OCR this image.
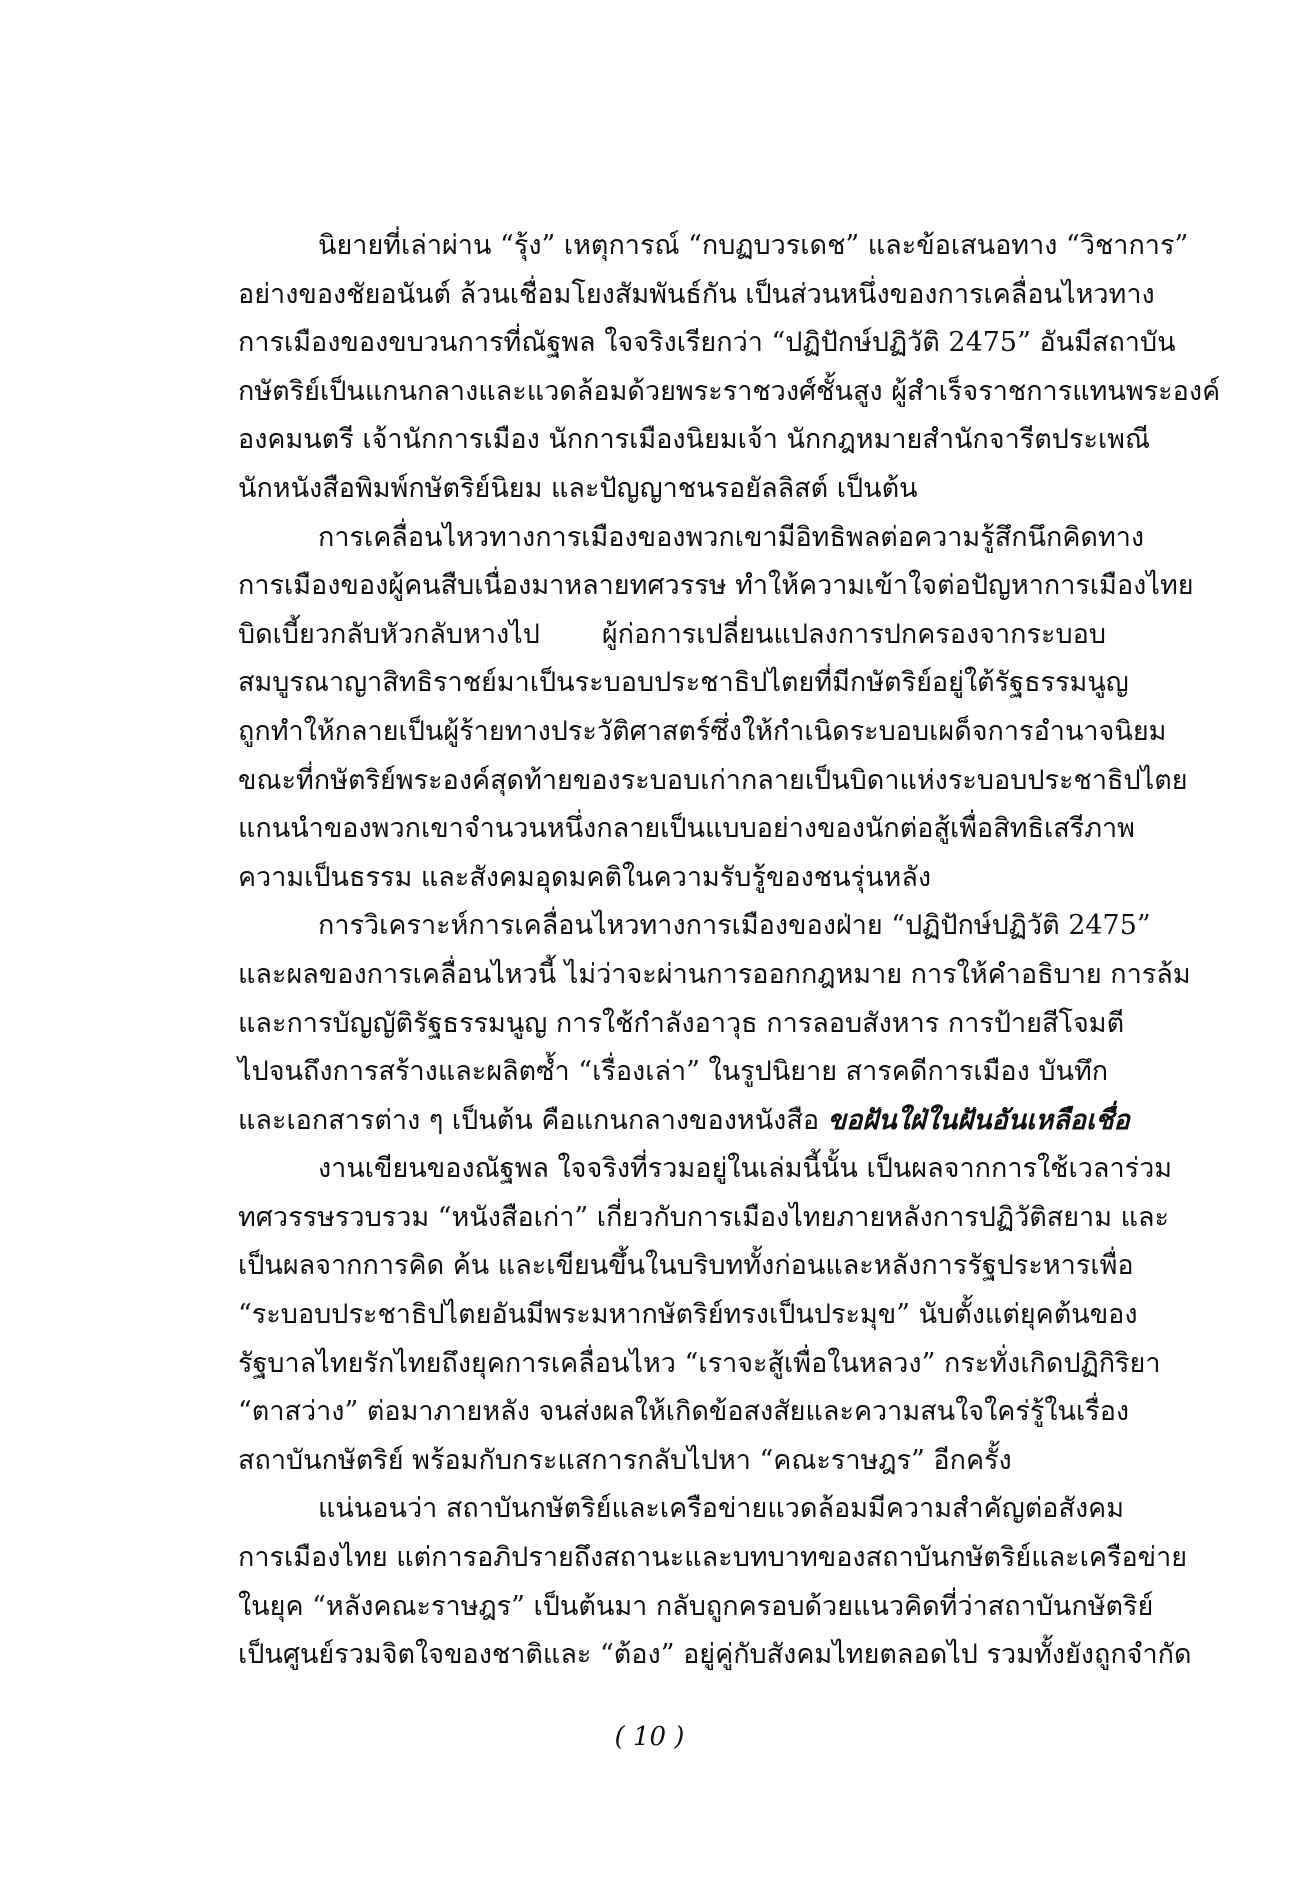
นิยายที่เล่าผ่าน “รุ้ง” เหตุการณ์ “กบฏบวรเดช” และข้อเสนอทาง “วิชาการ”
อย่างของชัยอนันต์ ล้วนเชื่อมโยงสัมพันธ์กัน เป็นส่วนหนึ่งของการเคลื่อนไหวทาง
การเมืองของขบวนการที่ณัฐพล ใจจริงเรียกว่า “ปฏิปักษ์ปฏิวัติ 2475” อันมีสถาบัน
กษัตริย์เป็นแกนกลางและแวดล้อมด้วยพระราชวงศ์ชั้นสูง ผู้สำเร็จราชการแทนพระองค์
องคมนตรี เจ้านักการเมือง นักการเมืองนิยมเจ้า นักกฎหมายสำนักจารีตประเพณี
นักหนังสือพิมพ์กษัตริย์นิยม และปัญญาชนรอยัลลิสต์ เป็นต้น
การเคลื่อนไหวทางการเมืองของพวกเขามีอิทธิพลต่อความรู้สึกนึกคิดทาง
การเมืองของผู้คนสืบเนื่องมาหลายทศวรรษ ทำให้ความเข้าใจต่อปัญหาการเมืองไทย
บิดเบี้ยวกลับหัวกลับหางไป ผู้ก่อการเปลี่ยนแปลงการปกครองจากระบอบ
สมบูรณาญาสิทธิราชย์มาเป็นระบอบประชาธิปไตยที่มีกษัตริย์อยู่ใต้รัฐธรรมนูญ
ถูกทำให้กลายเป็นผู้ร้ายทางประวัติศาสตร์ซึ่งให้กำเนิดระบอบเผด็จการอำนาจนิยม
ขณะที่กษัตริย์พระองค์สุดท้ายของระบอบเก่ากลายเป็นบิดาแห่งระบอบประชาธิปไตย
แกนนำของพวกเขาจำนวนหนึ่งกลายเป็นแบบอย่างของนักต่อสู้เพื่อสิทธิเสรีภาพ
ความเป็นธรรม และสังคมอุดมคติในความรับรู้ของชนรุ่นหลัง
การวิเคราะห์การเคลื่อนไหวทางการเมืองของฝ่าย “ปฏิปักษ์ปฏิวัติ 2475”
และผลของการเคลื่อนไหวนี้ ไม่ว่าจะผ่านการออกกฎหมาย การให้คำอธิบาย การล้ม
และการบัญญัติรัฐธรรมนูญ การใช้กำลังอาวุธ การลอบสังหาร การป้ายสีโจมตี
ไปจนถึงการสร้างและผลิตซ้ำ “เรื่องเล่า” ในรูปนิยาย สารคดีการเมือง บันทึก
และเอกสารต่าง ๆ เป็นต้น คือแกนกลางของหนังสือ ขอฝันใฝ่ในฝันอันเหลือเชื่อ
งานเขียนของณัฐพล ใจจริงที่รวมอยู่ในเล่มนี้นั้น เป็นผลจากการใช้เวลาร่วม
ทศวรรษรวบรวม “หนังสือเก่า” เกี่ยวกับการเมืองไทยภายหลังการปฏิวัติสยาม และ
เป็นผลจากการคิด ค้น และเขียนขึ้นในบริบททั้งก่อนและหลังการรัฐประหารเพื่อ
“ระบอบประชาธิปไตยอันมีพระมหากษัตริย์ทรงเป็นประมุข” นับตั้งแต่ยุคต้นของ
รัฐบาลไทยรักไทยถึงยุคการเคลื่อนไหว “เราจะสู้เพื่อในหลวง” กระทั่งเกิดปฏิกิริยา
“ตาสว่าง” ต่อมาภายหลัง จนส่งผลให้เกิดข้อสงสัยและความสนใจใคร่รู้ในเรื่อง
สถาบันกษัตริย์ พร้อมกับกระแสการกลับไปหา “คณะราษฎร” อีกครั้ง
แน่นอนว่า สถาบันกษัตริย์และเครือข่ายแวดล้อมมีความสำคัญต่อสังคม
การเมืองไทย แต่การอภิปรายถึงสถานะและบทบาทของสถาบันกษัตริย์และเครือข่าย
ในยุค “หลังคณะราษฎร” เป็นต้นมา กลับถูกครอบด้วยแนวคิดที่ว่าสถาบันกษัตริย์
เป็นศูนย์รวมจิตใจของชาติและ “ต้อง” อยู่คู่กับสังคมไทยตลอดไป รวมทั้งยังถูกจำกัด
( 10 )
